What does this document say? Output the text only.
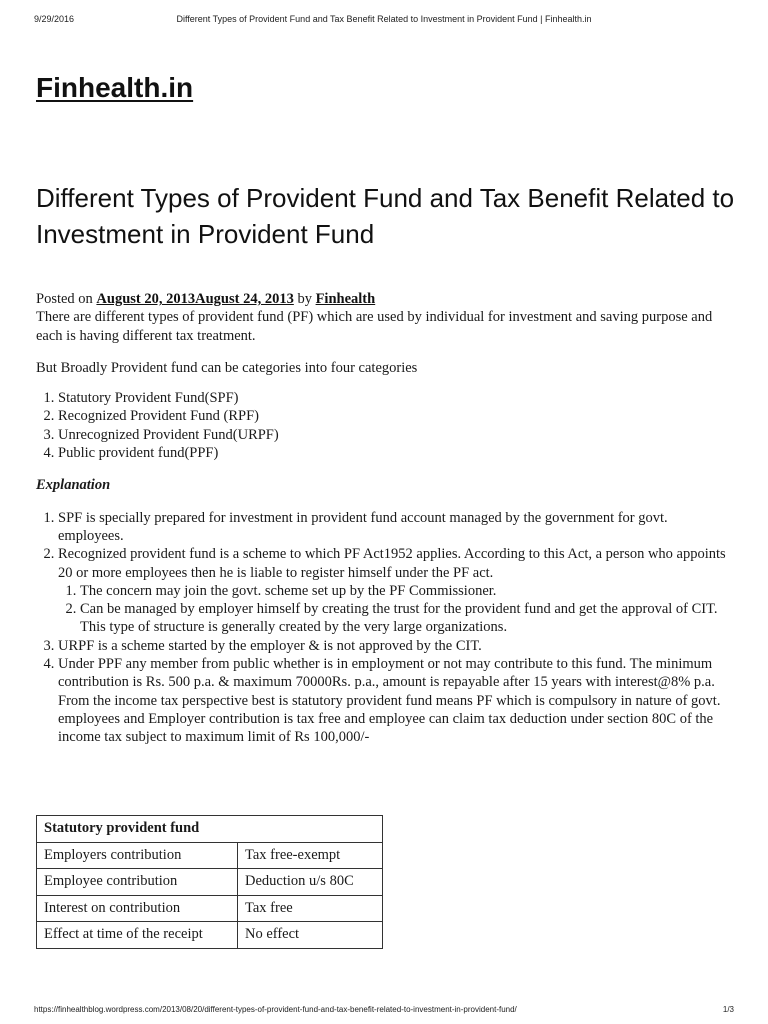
9/29/2016	Different Types of Provident Fund and Tax Benefit Related to Investment in Provident Fund | Finhealth.in
Finhealth.in
Different Types of Provident Fund and Tax Benefit Related to Investment in Provident Fund

Posted on August 20, 2013August 24, 2013 by Finhealth

There are different types of provident fund (PF) which are used by individual for investment and saving purpose and each is having different tax treatment.

But Broadly Provident fund can be categories into four categories

1. Statutory Provident Fund(SPF)
2. Recognized Provident Fund (RPF)
3. Unrecognized Provident Fund(URPF)
4. Public provident fund(PPF)

Explanation

1. SPF is specially prepared for investment in provident fund account managed by the government for govt. employees.
2. Recognized provident fund is a scheme to which PF Act1952 applies. According to this Act, a person who appoints 20 or more employees then he is liable to register himself under the PF act.
1. The concern may join the govt. scheme set up by the PF Commissioner.
2. Can be managed by employer himself by creating the trust for the provident fund and get the approval of CIT. This type of structure is generally created by the very large organizations.
3. URPF is a scheme started by the employer & is not approved by the CIT.
4. Under PPF any member from public whether is in employment or not may contribute to this fund. The minimum contribution is Rs. 500 p.a. & maximum 70000Rs. p.a., amount is repayable after 15 years with interest@8% p.a. From the income tax perspective best is statutory provident fund means PF which is compulsory in nature of govt. employees and Employer contribution is tax free and employee can claim tax deduction under section 80C of the income tax subject to maximum limit of Rs 100,000/-
Statutory provident fund	
Employers contribution	Tax free-exempt
Employee contribution	Deduction u/s 80C
Interest on contribution	Tax free
Effect at time of the receipt	No effect
https://finhealthblog.wordpress.com/2013/08/20/different-types-of-provident-fund-and-tax-benefit-related-to-investment-in-provident-fund/	1/3
